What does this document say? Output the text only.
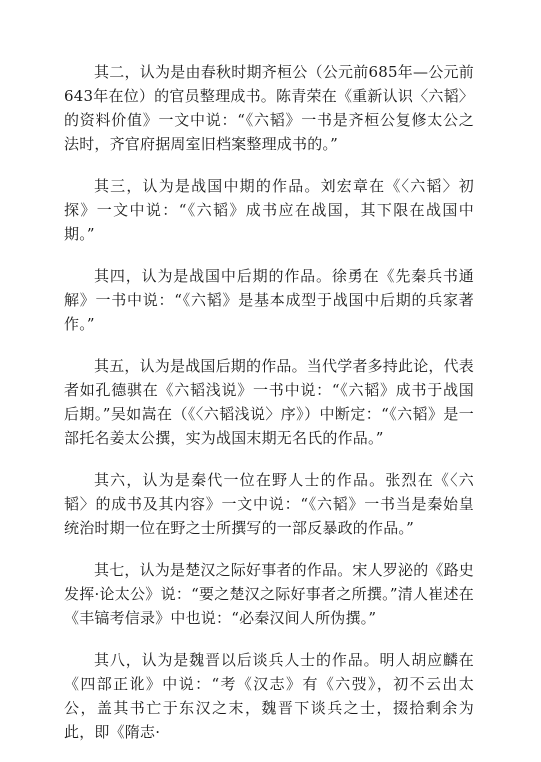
其二，认为是由春秋时期齐桓公（公元前685年—公元前643年在位）的官员整理成书。陈青荣在《重新认识〈六韬〉的资料价值》一文中说：“《六韬》一书是齐桓公复修太公之法时，齐官府据周室旧档案整理成书的。”

其三，认为是战国中期的作品。刘宏章在《〈六韬〉初探》一文中说：“《六韬》成书应在战国，其下限在战国中期。”

其四，认为是战国中后期的作品。徐勇在《先秦兵书通解》一书中说：“《六韬》是基本成型于战国中后期的兵家著作。”

其五，认为是战国后期的作品。当代学者多持此论，代表者如孔德骐在《六韬浅说》一书中说：“《六韬》成书于战国后期。”吴如嵩在（《〈六韬浅说〉序》）中断定：“《六韬》是一部托名姜太公撰，实为战国末期无名氏的作品。”

其六，认为是秦代一位在野人士的作品。张烈在《〈六韬〉的成书及其内容》一文中说：“《六韬》一书当是秦始皇统治时期一位在野之士所撰写的一部反暴政的作品。”

其七，认为是楚汉之际好事者的作品。宋人罗泌的《路史发挥·论太公》说：“要之楚汉之际好事者之所撰。”清人崔述在《丰镐考信录》中也说：“必秦汉间人所伪撰。”

其八，认为是魏晋以后谈兵人士的作品。明人胡应麟在《四部正讹》中说：“考《汉志》有《六弢》，初不云出太公，盖其书亡于东汉之末，魏晋下谈兵之士，掇拾剩余为此，即《隋志·
